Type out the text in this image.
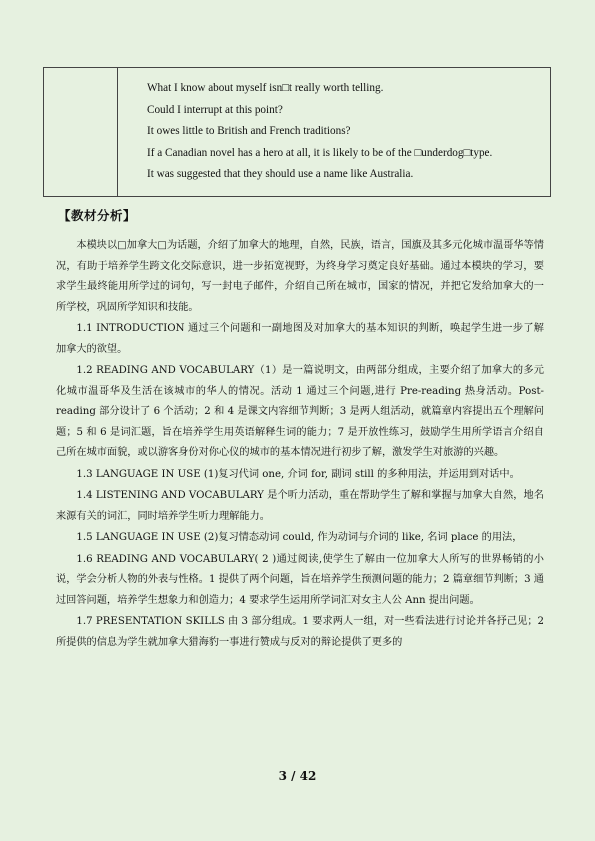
What I know about myself isn□t really worth telling.
Could I interrupt at this point?
It owes little to British and French traditions?
If a Canadian novel has a hero at all, it is likely to be of the □underdog□type.
It was suggested that they should use a name like Australia.
【教材分析】

本模块以□加拿大□为话题，介绍了加拿大的地理，自然，民族，语言，国旗及其多元化城市温哥华等情况，有助于培养学生跨文化交际意识，进一步拓宽视野，为终身学习奠定良好基础。通过本模块的学习，要求学生最终能用所学过的词句，写一封电子邮件，介绍自己所在城市，国家的情况，并把它发给加拿大的一所学校，巩固所学知识和技能。

1.1 INTRODUCTION 通过三个问题和一副地图及对加拿大的基本知识的判断，唤起学生进一步了解加拿大的欲望。

1.2 READING AND VOCABULARY（1）是一篇说明文，由两部分组成，主要介绍了加拿大的多元化城市温哥华及生活在该城市的华人的情况。活动 1 通过三个问题,进行 Pre-reading 热身活动。Post-reading 部分设计了 6 个活动；2 和 4 是课文内容细节判断；3 是两人组活动，就篇章内容提出五个理解问题；5 和 6 是词汇题，旨在培养学生用英语解释生词的能力；7 是开放性练习，鼓励学生用所学语言介绍自己所在城市面貌，或以游客身份对你心仪的城市的基本情况进行初步了解，激发学生对旅游的兴趣。

1.3 LANGUAGE IN USE (1)复习代词 one, 介词 for, 副词 still 的多种用法，并运用到对话中。

1.4 LISTENING AND VOCABULARY 是个听力活动，重在帮助学生了解和掌握与加拿大自然，地名来源有关的词汇，同时培养学生听力理解能力。

1.5 LANGUAGE IN USE (2)复习情态动词 could, 作为动词与介词的 like, 名词 place 的用法，

1.6 READING AND VOCABULARY( 2 )通过阅读,使学生了解由一位加拿大人所写的世界畅销的小说，学会分析人物的外表与性格。1 提供了两个问题，旨在培养学生预测问题的能力；2 篇章细节判断；3 通过回答问题，培养学生想象力和创造力；4 要求学生运用所学词汇对女主人公 Ann 提出问题。

1.7 PRESENTATION SKILLS 由 3 部分组成。1 要求两人一组，对一些看法进行讨论并各抒己见；2 所提供的信息为学生就加拿大猎海豹一事进行赞成与反对的辩论提供了更多的

3 / 42
